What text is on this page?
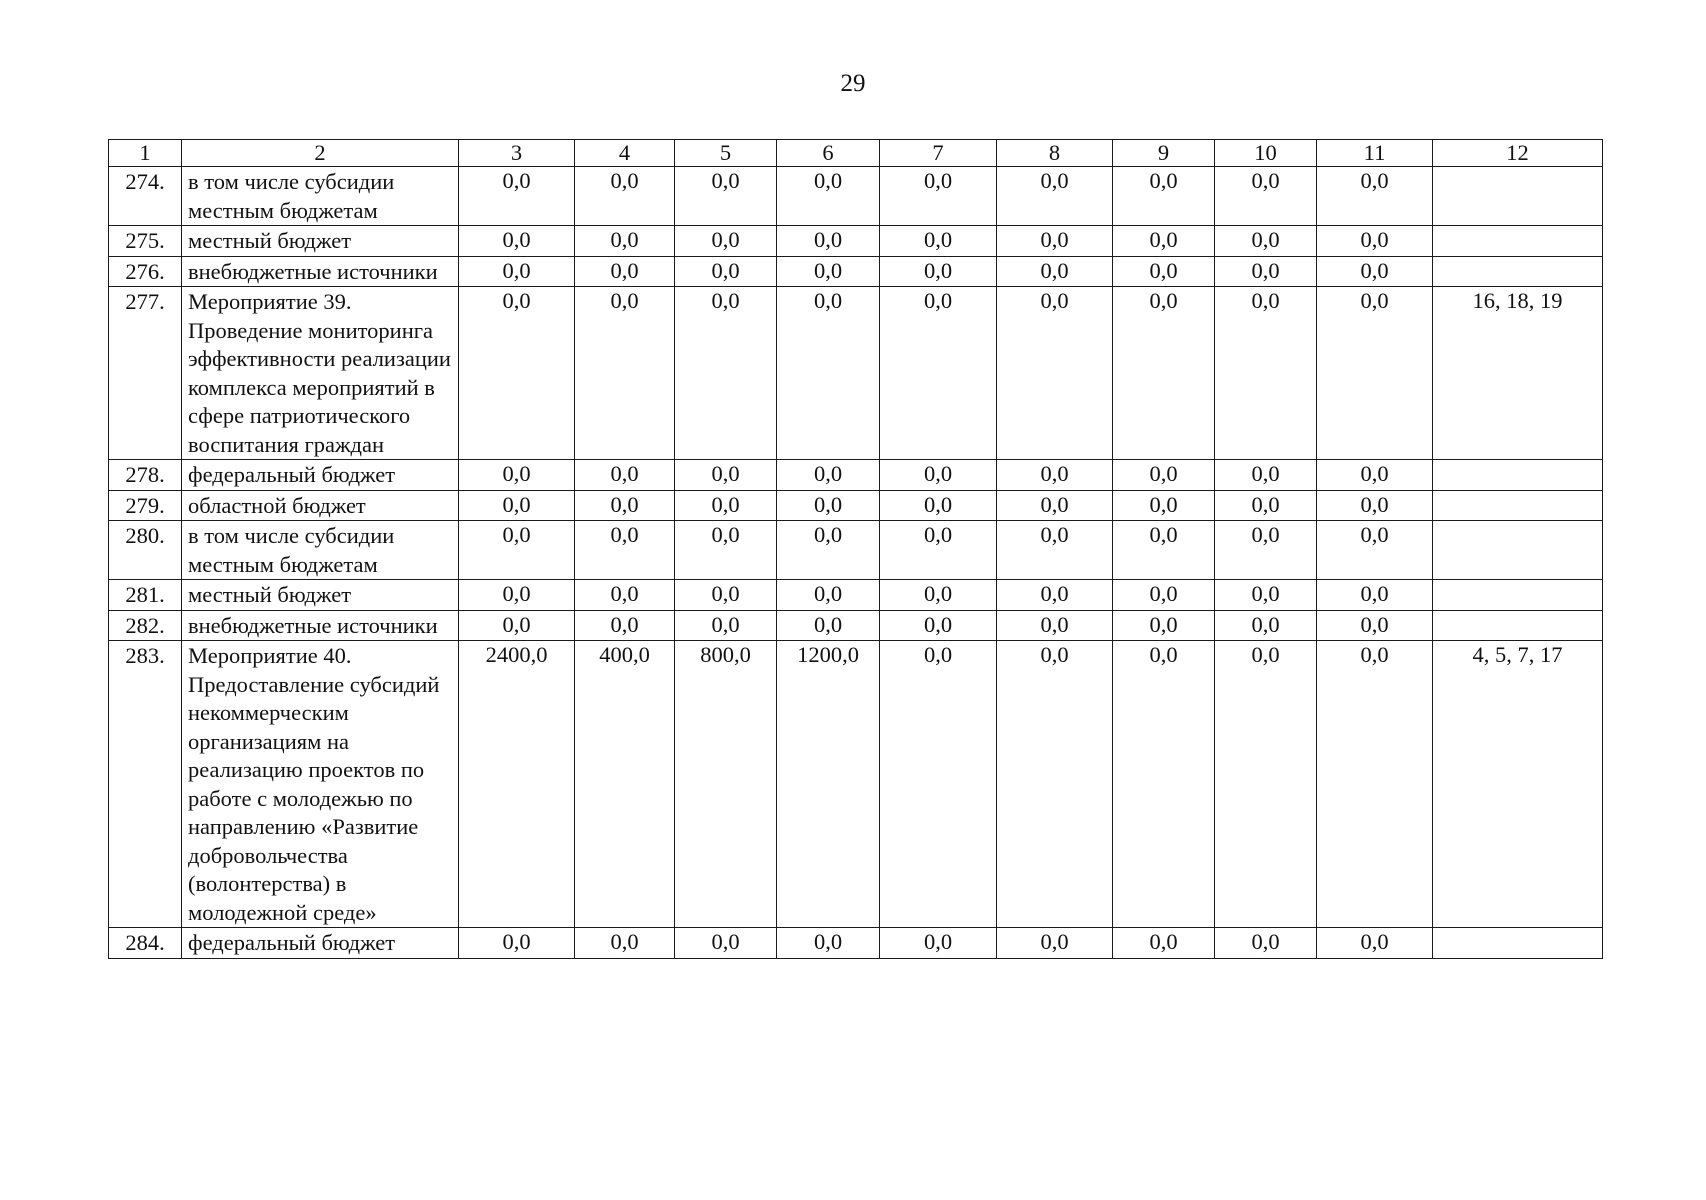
29
1	2	3	4	5	6	7	8	9	10	11	12
274.	в том числе субсидии местным бюджетам	0,0	0,0	0,0	0,0	0,0	0,0	0,0	0,0	0,0	
275.	местный бюджет	0,0	0,0	0,0	0,0	0,0	0,0	0,0	0,0	0,0	
276.	внебюджетные источники	0,0	0,0	0,0	0,0	0,0	0,0	0,0	0,0	0,0	
277.	Мероприятие 39. Проведение мониторинга эффективности реализации комплекса мероприятий в сфере патриотического воспитания граждан	0,0	0,0	0,0	0,0	0,0	0,0	0,0	0,0	0,0	16, 18, 19
278.	федеральный бюджет	0,0	0,0	0,0	0,0	0,0	0,0	0,0	0,0	0,0	
279.	областной бюджет	0,0	0,0	0,0	0,0	0,0	0,0	0,0	0,0	0,0	
280.	в том числе субсидии местным бюджетам	0,0	0,0	0,0	0,0	0,0	0,0	0,0	0,0	0,0	
281.	местный бюджет	0,0	0,0	0,0	0,0	0,0	0,0	0,0	0,0	0,0	
282.	внебюджетные источники	0,0	0,0	0,0	0,0	0,0	0,0	0,0	0,0	0,0	
283.	Мероприятие 40. Предоставление субсидий некоммерческим организациям на реализацию проектов по работе с молодежью по направлению «Развитие добровольчества (волонтерства) в молодежной среде»	2400,0	400,0	800,0	1200,0	0,0	0,0	0,0	0,0	0,0	4, 5, 7, 17
284.	федеральный бюджет	0,0	0,0	0,0	0,0	0,0	0,0	0,0	0,0	0,0	
